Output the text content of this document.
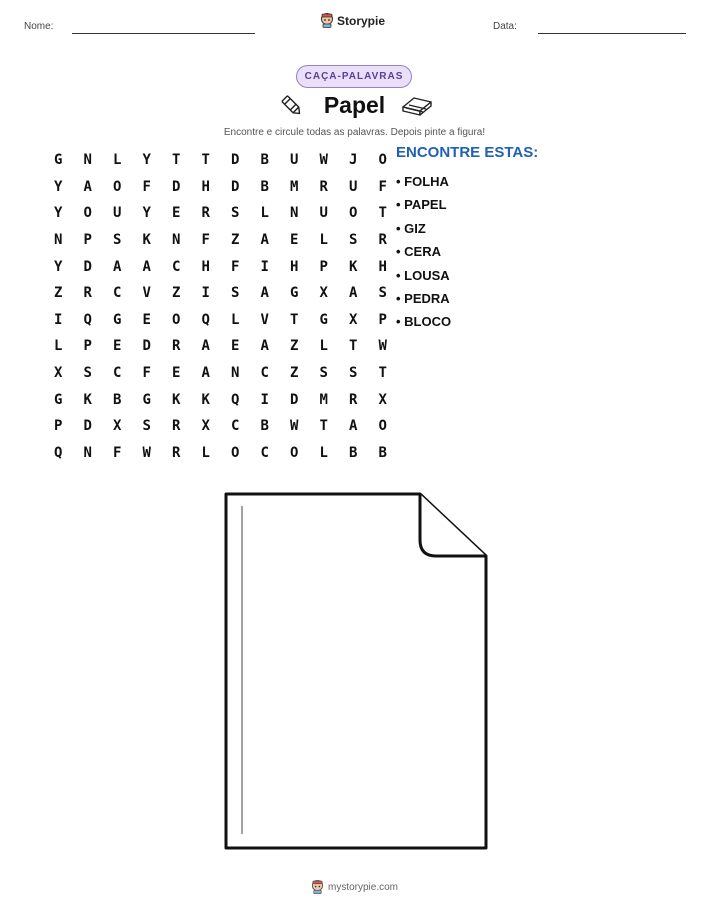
Nome:	Storypie	Data:
CAÇA-PALAVRAS
Papel
Encontre e circule todas as palavras. Depois pinte a figura!
G	N	L	Y	T	T	D	B	U	W	J	O
Y	A	O	F	D	H	D	B	M	R	U	F
Y	O	U	Y	E	R	S	L	N	U	O	T
N	P	S	K	N	F	Z	A	E	L	S	R
Y	D	A	A	C	H	F	I	H	P	K	H
Z	R	C	V	Z	I	S	A	G	X	A	S
I	Q	G	E	O	Q	L	V	T	G	X	P
L	P	E	D	R	A	E	A	Z	L	T	W
X	S	C	F	E	A	N	C	Z	S	S	T
G	K	B	G	K	K	Q	I	D	M	R	X
P	D	X	S	R	X	C	B	W	T	A	O
Q	N	F	W	R	L	O	C	O	L	B	B
ENCONTRE ESTAS:
• FOLHA
• PAPEL
• GIZ
• CERA
• LOUSA
• PEDRA
• BLOCO
mystorypie.com
